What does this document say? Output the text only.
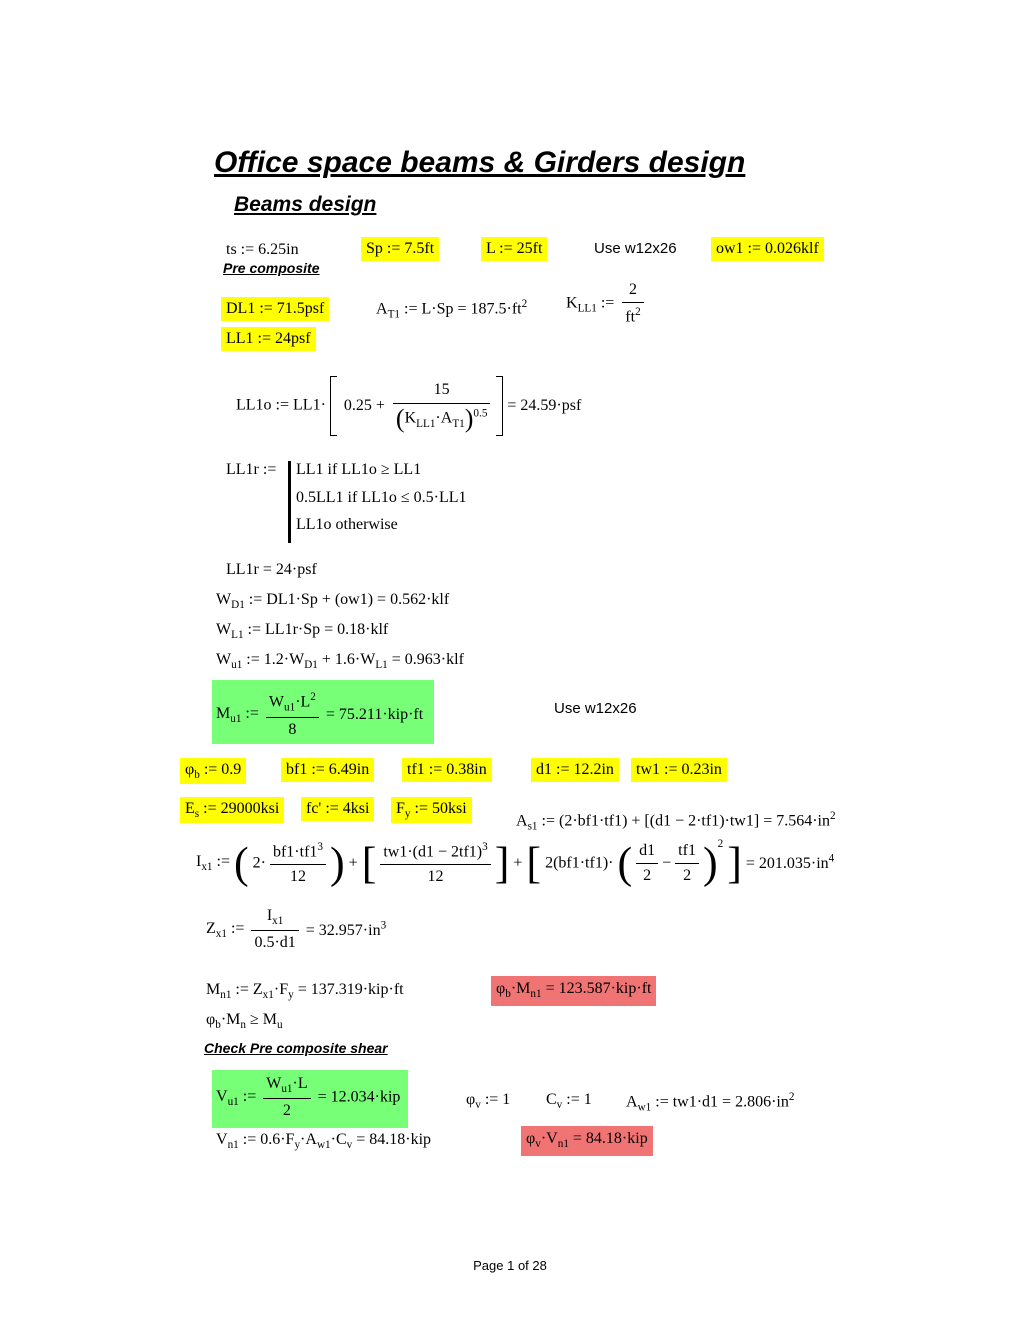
Office space beams & Girders design
Beams design
ts := 6.25in	Sp := 7.5ft	L := 25ft	Use w12x26	ow1 := 0.026klf
Pre composite
DL1 := 71.5psf
LL1 := 24psf
$A_{T1}$ := $L\cdot Sp = 187.5\cdot ft^2$ $K_{LL1}$ := $\frac{2}{ft^2}$
LL1o := $LL1\cdot 0.25 + \frac{15}{(K_{LL1}\cdot A_{T1})^{0.5}} = 24.59\cdot psf$
LL1r := LL1 if LL1o ≥ LL1
0.5LL1 if LL1o ≤ 0.5·LL1
LL1o otherwise
LL1r = 24·psf
$W_{D1}$ := DL1·Sp + (ow1) = 0.562·klf
$W_{L1}$ := LL1r·Sp = 0.18·klf
$W_{u1}$ := $1.2\cdot W_{D1} + 1.6\cdot W_{L1} = 0.963\cdot klf$
$M_{u1}$ := $\frac{W_{u1}\cdot L^2}{8} = 75.211\cdot kip\cdot ft$	Use w12x26
$\varphi_b$ := 0.9	bf1 := 6.49in	tf1 := 0.38in	d1 := 12.2in	tw1 := 0.23in
$E_s$ := 29000ksi	fc' := 4ksi	$F_y$ := 50ksi
$A_{s1}$ := $(2\cdot bf1\cdot tf1) + [(d1 - 2\cdot tf1)\cdot tw1] = 7.564\cdot in^2$
$I_{x1}$ := ( $2\cdot \frac{bf1\cdot tf1^3}{12}$ ) + [ $\frac{tw1\cdot(d1 - 2tf1)^3}{12}$ ] + [ 2(bf1·tf1)· ( $\frac{d1}{2} - \frac{tf1}{2} )^2$ ] = $201.035\cdot in^4$
$Z_{x1}$ := $\frac{I_{x1}}{0.5\cdot d1} = 32.957\cdot in^3$
$M_{n1}$ := $Z_{x1}\cdot F_y = 137.319\cdot kip\cdot ft$	$\varphi_b\cdot M_{n1} = 123.587\cdot kip\cdot ft$
$\varphi_b\cdot M_n \ge M_u$
Check Pre composite shear
$V_{u1}$ := $\frac{W_{u1}\cdot L}{2} = 12.034\cdot kip$	$\varphi_v$ := 1 $C_v$ := 1 $A_{w1}$ := $tw1\cdot d1 = 2.806\cdot in^2$
$V_{n1}$ := $0.6\cdot F_y\cdot A_{w1}\cdot C_v = 84.18\cdot kip$	$\varphi_v\cdot V_{n1} = 84.18\cdot kip$
Page 1 of 28
